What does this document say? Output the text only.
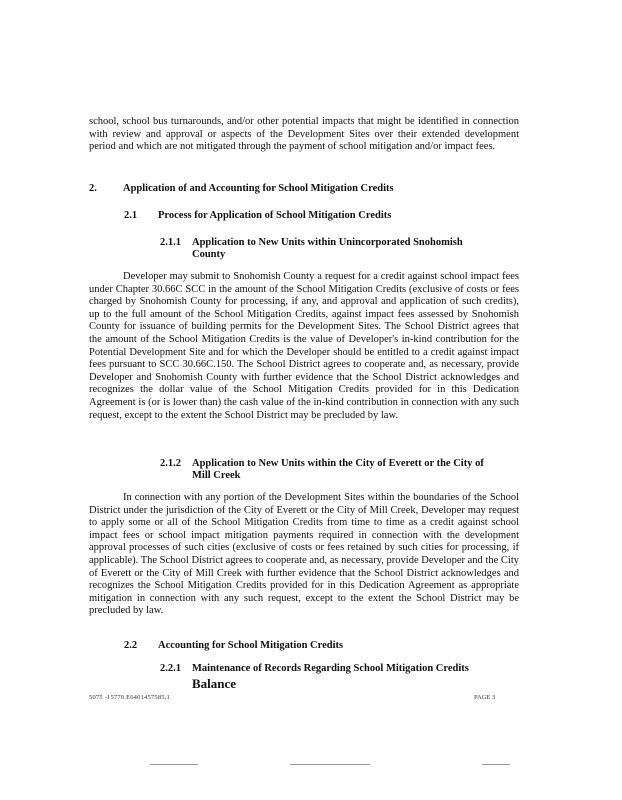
school, school bus turnarounds, and/or other potential impacts that might be identified in connection with review and approval or aspects of the Development Sites over their extended development period and which are not mitigated through the payment of school mitigation and/or impact fees.

2. Application of and Accounting for School Mitigation Credits
2.1 Process for Application of School Mitigation Credits
2.1.1 Application to New Units within Unincorporated Snohomish
County

Developer may submit to Snohomish County a request for a credit against school impact fees under Chapter 30.66C SCC in the amount of the School Mitigation Credits (exclusive of costs or fees charged by Snohomish County for processing, if any, and approval and application of such credits), up to the full amount of the School Mitigation Credits, against impact fees assessed by Snohomish County for issuance of building permits for the Development Sites. The School District agrees that the amount of the School Mitigation Credits is the value of Developer's in-kind contribution for the Potential Development Site and for which the Developer should be entitled to a credit against impact fees pursuant to SCC 30.66C.150. The School District agrees to cooperate and, as necessary, provide Developer and Snohomish County with further evidence that the School District acknowledges and recognizes the dollar value of the School Mitigation Credits provided for in this Dedication Agreement is (or is lower than) the cash value of the in-kind contribution in connection with any such request, except to the extent the School District may be precluded by law.

2.1.2 Application to New Units within the City of Everett or the City of
Mill Creek

In connection with any portion of the Development Sites within the boundaries of the School District under the jurisdiction of the City of Everett or the City of Mill Creek, Developer may request to apply some or all of the School Mitigation Credits from time to time as a credit against school impact fees or school impact mitigation payments required in connection with the development approval processes of such cities (exclusive of costs or fees retained by such cities for processing, if applicable). The School District agrees to cooperate and, as necessary, provide Developer and the City of Everett or the City of Mill Creek with further evidence that the School District acknowledges and recognizes the School Mitigation Credits provided for in this Dedication Agreement as appropriate mitigation in connection with any such request, except to the extent the School District may be precluded by law.

2.2 Accounting for School Mitigation Credits
2.2.1 Maintenance of Records Regarding School Mitigation Credits
Balance
5075 -15770.E6401457585.1	PAGE 3
